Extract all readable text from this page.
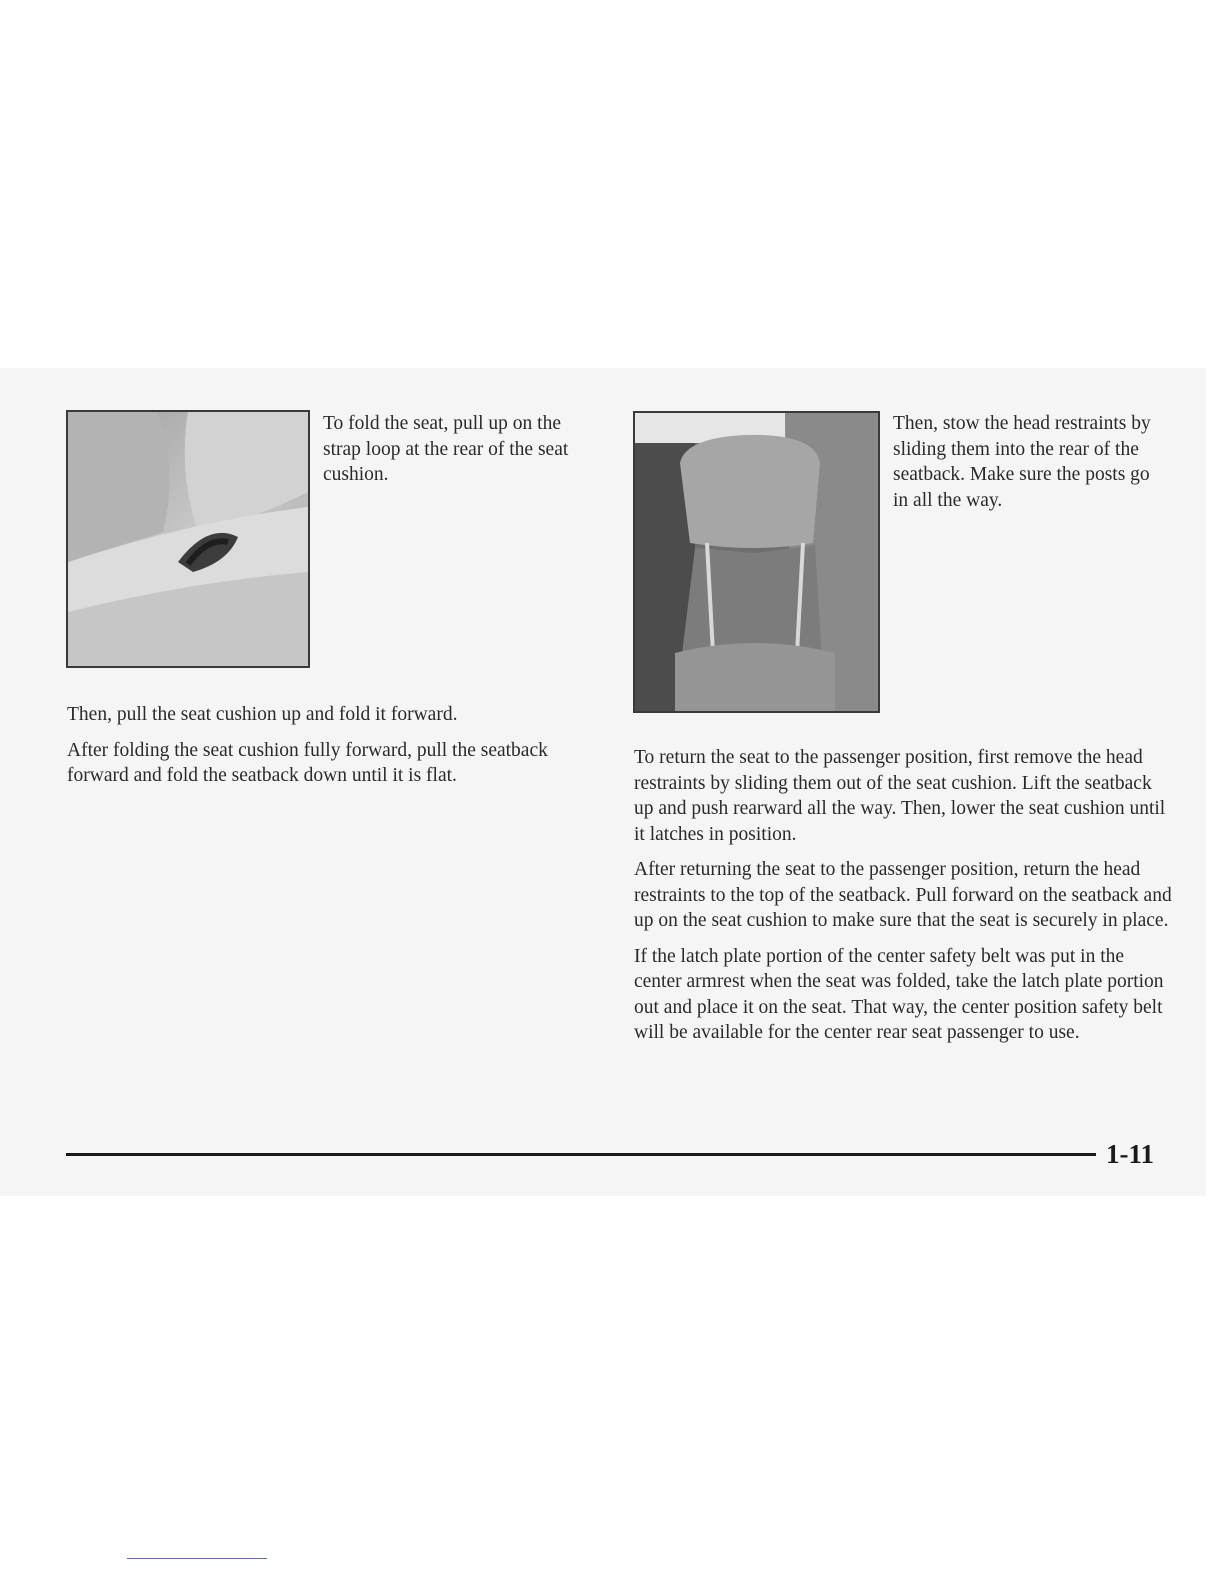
To fold the seat, pull up on the strap loop at the rear of the seat cushion.

Then, pull the seat cushion up and fold it forward.

After folding the seat cushion fully forward, pull the seatback forward and fold the seatback down until it is flat.

Then, stow the head restraints by sliding them into the rear of the seatback. Make sure the posts go in all the way.

To return the seat to the passenger position, first remove the head restraints by sliding them out of the seat cushion. Lift the seatback up and push rearward all the way. Then, lower the seat cushion until it latches in position.

After returning the seat to the passenger position, return the head restraints to the top of the seatback. Pull forward on the seatback and up on the seat cushion to make sure that the seat is securely in place.

If the latch plate portion of the center safety belt was put in the center armrest when the seat was folded, take the latch plate portion out and place it on the seat. That way, the center position safety belt will be available for the center rear seat passenger to use.

1-11
